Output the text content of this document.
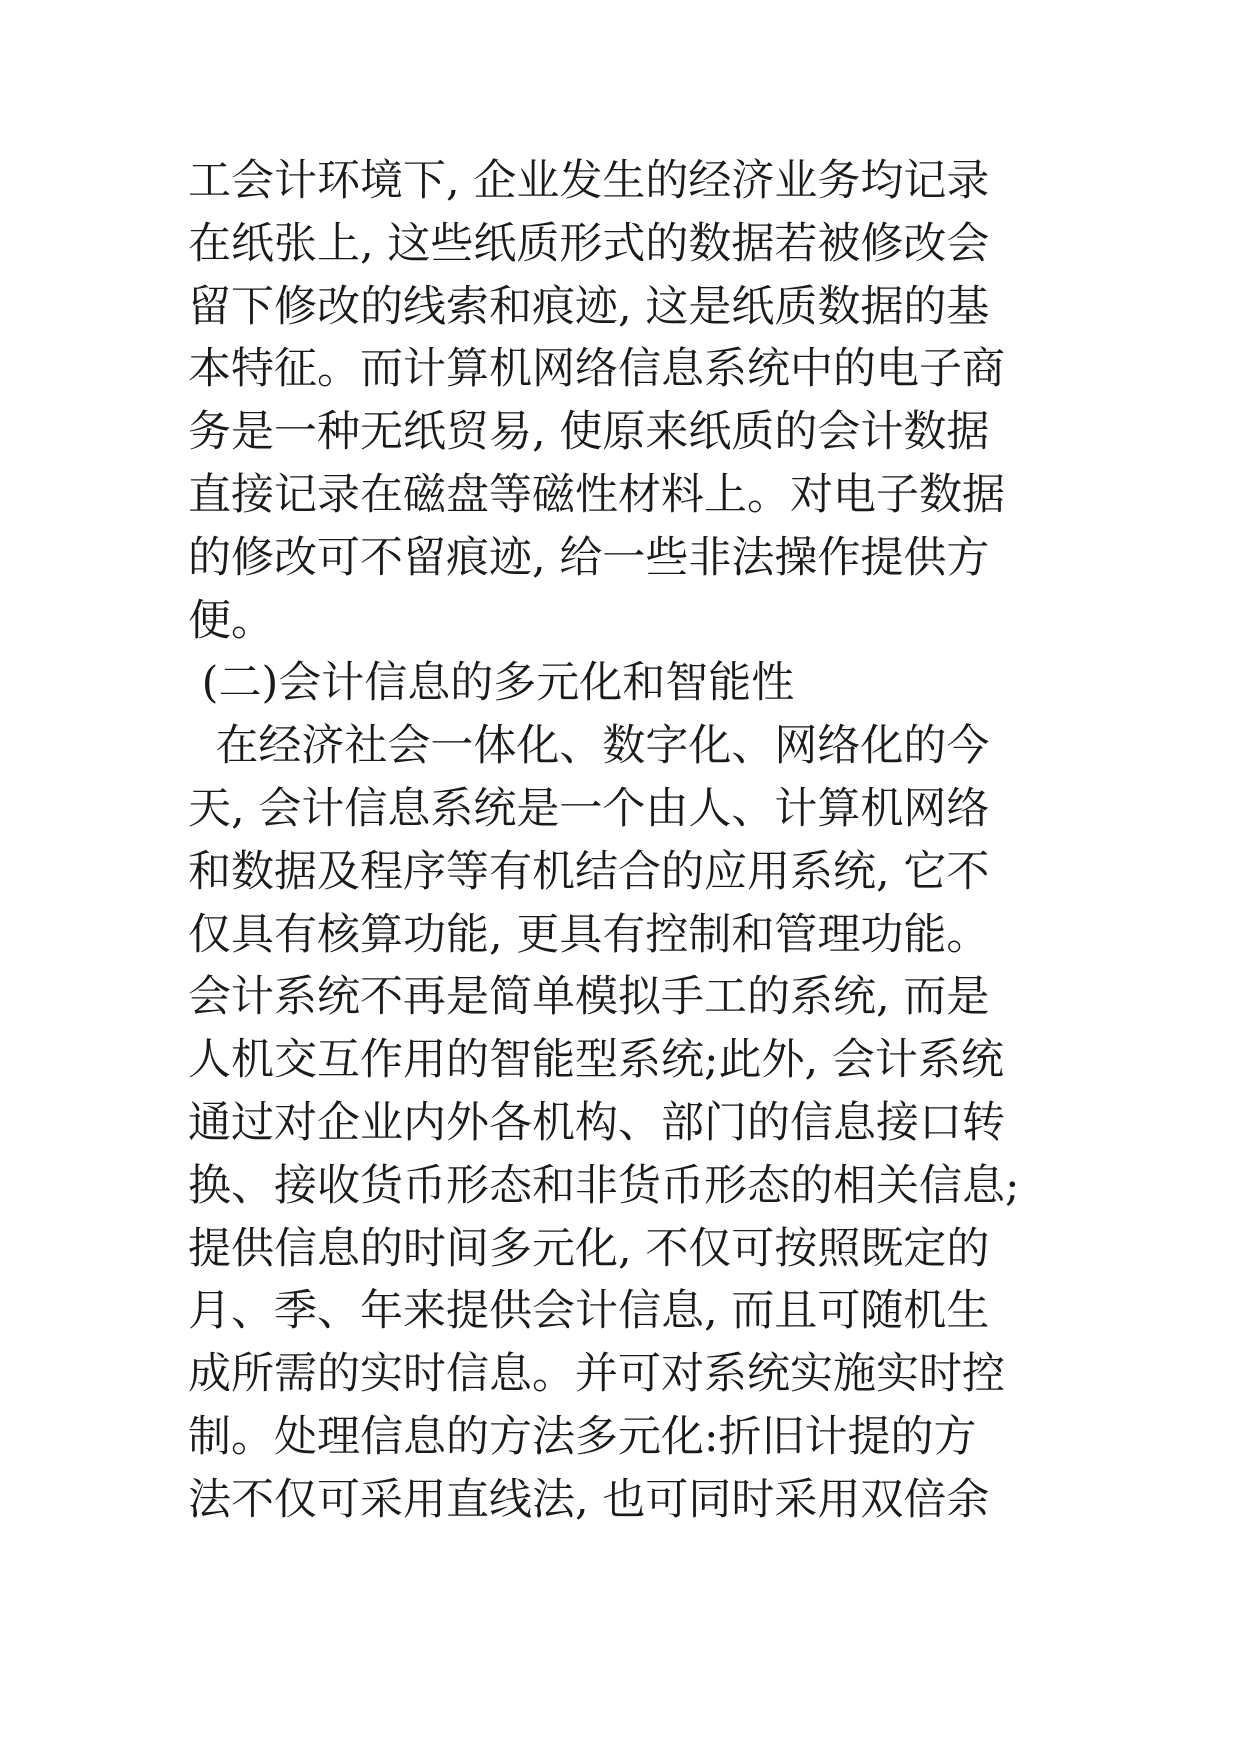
工会计环境下, 企业发生的经济业务均记录
在纸张上, 这些纸质形式的数据若被修改会
留下修改的线索和痕迹, 这是纸质数据的基
本特征。而计算机网络信息系统中的电子商
务是一种无纸贸易, 使原来纸质的会计数据
直接记录在磁盘等磁性材料上。对电子数据
的修改可不留痕迹, 给一些非法操作提供方
便。
(二)会计信息的多元化和智能性
在经济社会一体化、数字化、网络化的今
天, 会计信息系统是一个由人、计算机网络
和数据及程序等有机结合的应用系统, 它不
仅具有核算功能, 更具有控制和管理功能。
会计系统不再是简单模拟手工的系统, 而是
人机交互作用的智能型系统;此外, 会计系统
通过对企业内外各机构、部门的信息接口转
换、接收货币形态和非货币形态的相关信息;
提供信息的时间多元化, 不仅可按照既定的
月、季、年来提供会计信息, 而且可随机生
成所需的实时信息。并可对系统实施实时控
制。处理信息的方法多元化:折旧计提的方
法不仅可采用直线法, 也可同时采用双倍余
